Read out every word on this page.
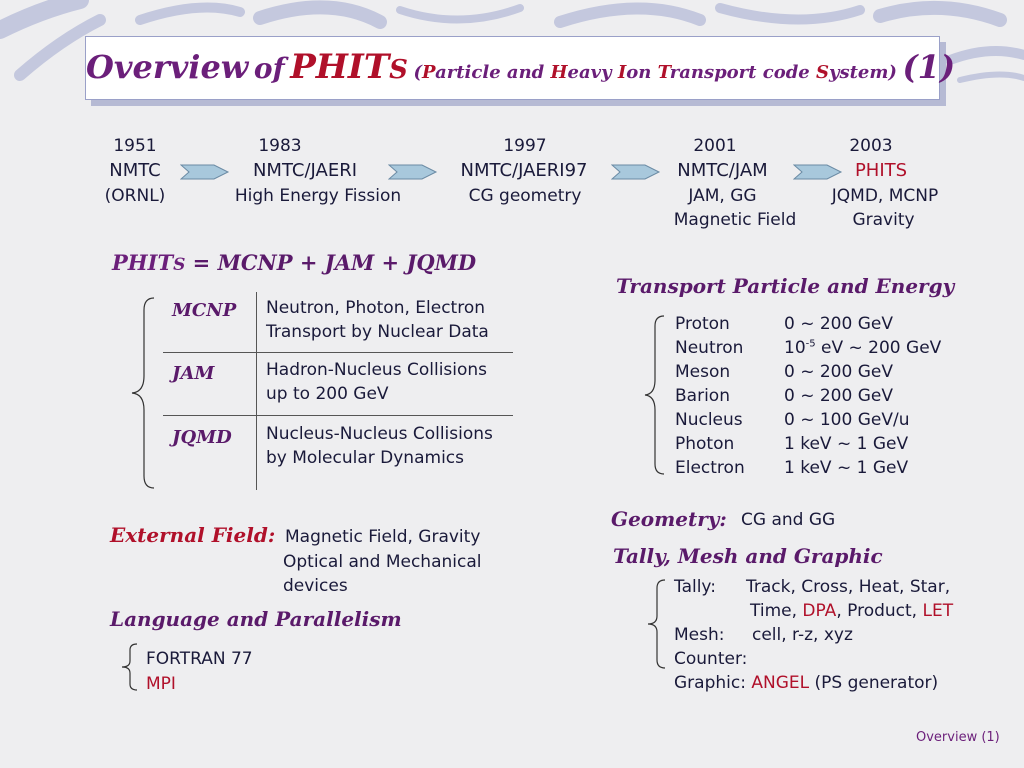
Overview of PHITS (Particle and Heavy Ion Transport code System) (1)
1951
NMTC
(ORNL)
1983
NMTC/JAERI
High Energy Fission
1997
NMTC/JAERI97
CG geometry
2001
NMTC/JAM
JAM, GG
Magnetic Field
2003
PHITS
JQMD, MCNP
Gravity
PHITS = MCNP + JAM + JQMD
MCNP Neutron, Photon, Electron
Transport by Nuclear Data
JAM	Hadron-Nucleus Collisions
up to 200 GeV
JQMD Nucleus-Nucleus Collisions
by Molecular Dynamics
Transport Particle and Energy
Proton	0 ~ 200 GeV
Neutron $10^{-5}$ eV ~ 200 GeV
Meson	0 ~ 200 GeV
Barion	0 ~ 200 GeV
Nucleus 0 ~ 100 GeV/u
Photon	1 keV ~ 1 GeV
Electron 1 keV ~ 1 GeV
External Field: Magnetic Field, Gravity
Optical and Mechanical
devices
Language and Parallelism
FORTRAN 77
MPI
Geometry: CG and GG
Tally, Mesh and Graphic
Tally: Track, Cross, Heat, Star,
Time, DPA, Product, LET
Mesh: cell, r-z, xyz
Counter:
Graphic: ANGEL (PS generator)
Overview (1)
